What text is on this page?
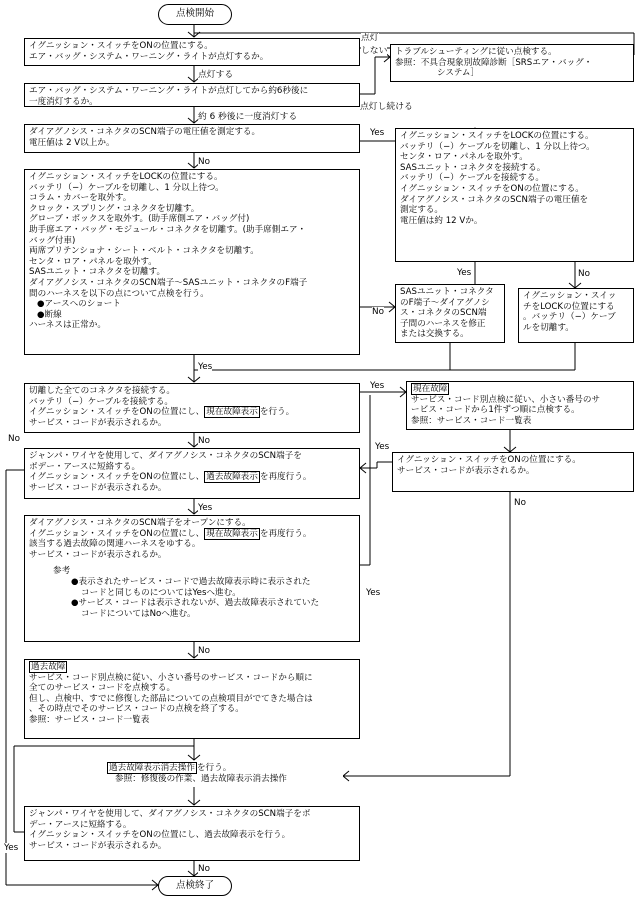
点検開始
イグニッション・スイッチをONの位置にする。
エア・バッグ・システム・ワーニング・ライトが点灯するか。	トラブルシューティングに従い点検する。
参照：不具合現象別故障診断［SRSエア・バッグ・
システム］
エア・バッグ・システム・ワーニング・ライトが点灯してから約6秒後に
一度消灯するか。
ダイアグノシス・コネクタのSCN端子の電圧値を測定する。
電圧値は 2 V以上か。
イグニッション・スイッチをLOCKの位置にする。
バッテリ（−）ケーブルを切離し、1 分以上待つ。
コラム・カバーを取外す。
クロック・スプリング・コネクタを切離す。
グローブ・ボックスを取外す。(助手席側エア・バッグ付)
助手席エア・バッグ・モジュール・コネクタを切離す。(助手席側エア・
バッグ付車)
両席プリテンショナ・シート・ベルト・コネクタを切離す。
センタ・ロア・パネルを取外す。
SASユニット・コネクタを切離す。
ダイアグノシス・コネクタのSCN端子〜SASユニット・コネクタのF端子
間のハーネスを以下の点について点検を行う。
●アースへのショート
●断線
ハーネスは正常か。
イグニッション・スイッチをLOCKの位置にする。
バッテリ（−）ケーブルを切離し、1 分以上待つ。
センタ・ロア・パネルを取外す。
SASユニット・コネクタを接続する。
バッテリ（−）ケーブルを接続する。
イグニッション・スイッチをONの位置にする。
ダイアグノシス・コネクタのSCN端子の電圧値を
測定する。
電圧値は約 12 Vか。
SASユニット・コネクタ
のF端子〜ダイアグノシ
ス・コネクタのSCN端
子間のハーネスを修正
または交換する。
イグニッション・スイッ
チをLOCKの位置にする
。バッテリ（−）ケーブ
ルを切離す。
切離した全てのコネクタを接続する。
バッテリ（−）ケーブルを接続する。
イグニッション・スイッチをONの位置にし、 現在故障表示 を行う。
サービス・コードが表示されるか。
現在故障
サービス・コード別点検に従い、小さい番号のサ
ービス・コードから1件ずつ順に点検する。
参照：サービス・コード一覧表
ジャンパ・ワイヤを使用して、ダイアグノシス・コネクタのSCN端子を
ボデー・アースに短絡する。
イグニッション・スイッチをONの位置にし、 過去故障表示 を再度行う。
サービス・コードが表示されるか。
イグニッション・スイッチをONの位置にする。
サービス・コードが表示されるか。
ダイアグノシス・コネクタのSCN端子をオープンにする。
イグニッション・スイッチをONの位置にし、 現在故障表示 を再度行う。
該当する過去故障の関連ハーネスをゆする。
サービス・コードが表示されるか。
参考
●表示されたサービス・コードで過去故障表示時に表示された
コードと同じものについてはYesへ進む。
●サービス・コードは表示されないが、過去故障表示されていた
コードについてはNoへ進む。
過去故障
サービス・コード別点検に従い、小さい番号のサービス・コードから順に
全てのサービス・コードを点検する。
但し、点検中、すでに修復した部品についての点検項目がでてきた場合は
、その時点でそのサービス・コードの点検を終了する。
参照：サービス・コード一覧表
過去故障表示消去操作 を行う。
参照：修復後の作業、過去故障表示消去操作
ジャンパ・ワイヤを使用して、ダイアグノシス・コネクタのSCN端子をボ
デー・アースに短絡する。
イグニッション・スイッチをONの位置にし、過去故障表示を行う。
サービス・コードが表示されるか。
点検終了
点灯
しない
点灯する
点灯し続ける
約 6 秒後に一度消灯する
Yes
No
Yes	No
No
Yes
Yes
No
Yes
No
No
Yes
Yes
No
Yes
No
